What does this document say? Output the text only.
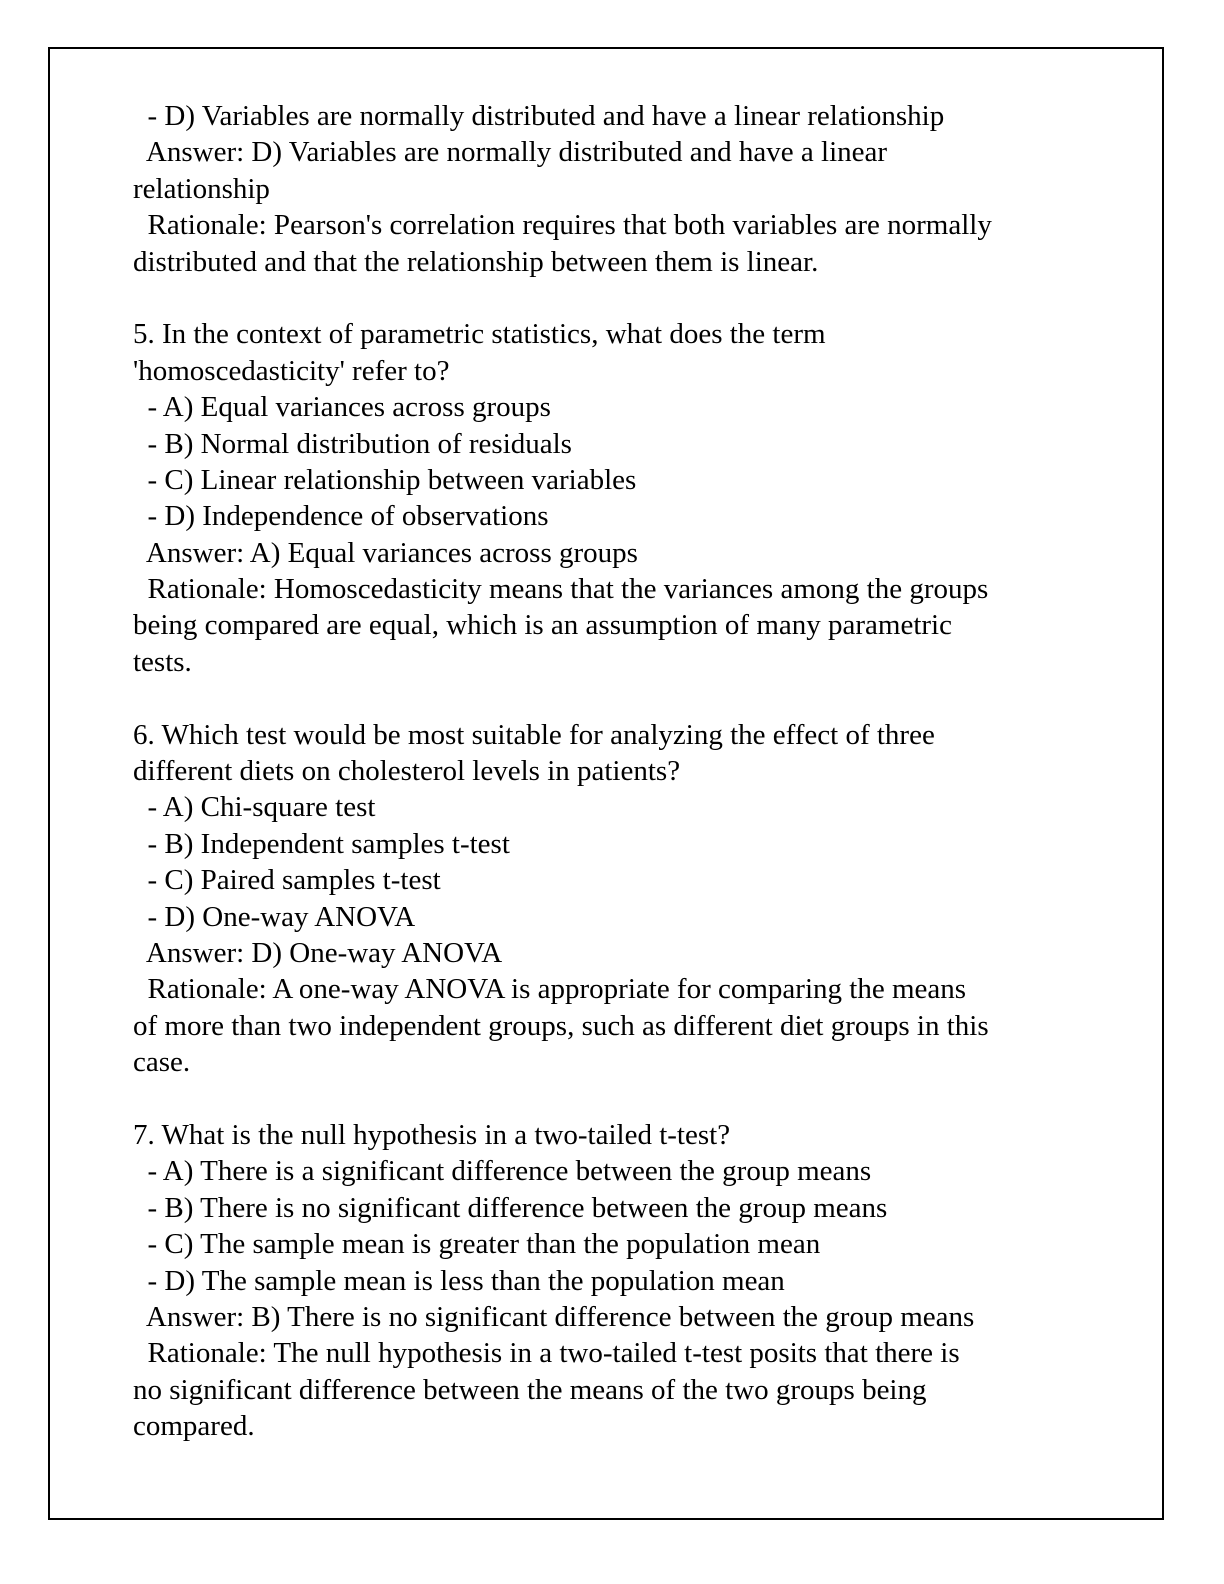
- D) Variables are normally distributed and have a linear relationship

Answer: D) Variables are normally distributed and have a linear

relationship

Rationale: Pearson's correlation requires that both variables are normally

distributed and that the relationship between them is linear.

5. In the context of parametric statistics, what does the term

'homoscedasticity' refer to?

- A) Equal variances across groups

- B) Normal distribution of residuals

- C) Linear relationship between variables

- D) Independence of observations

Answer: A) Equal variances across groups

Rationale: Homoscedasticity means that the variances among the groups

being compared are equal, which is an assumption of many parametric

tests.

6. Which test would be most suitable for analyzing the effect of three

different diets on cholesterol levels in patients?

- A) Chi-square test

- B) Independent samples t-test

- C) Paired samples t-test

- D) One-way ANOVA

Answer: D) One-way ANOVA

Rationale: A one-way ANOVA is appropriate for comparing the means

of more than two independent groups, such as different diet groups in this

case.

7. What is the null hypothesis in a two-tailed t-test?

- A) There is a significant difference between the group means

- B) There is no significant difference between the group means

- C) The sample mean is greater than the population mean

- D) The sample mean is less than the population mean

Answer: B) There is no significant difference between the group means

Rationale: The null hypothesis in a two-tailed t-test posits that there is

no significant difference between the means of the two groups being

compared.
